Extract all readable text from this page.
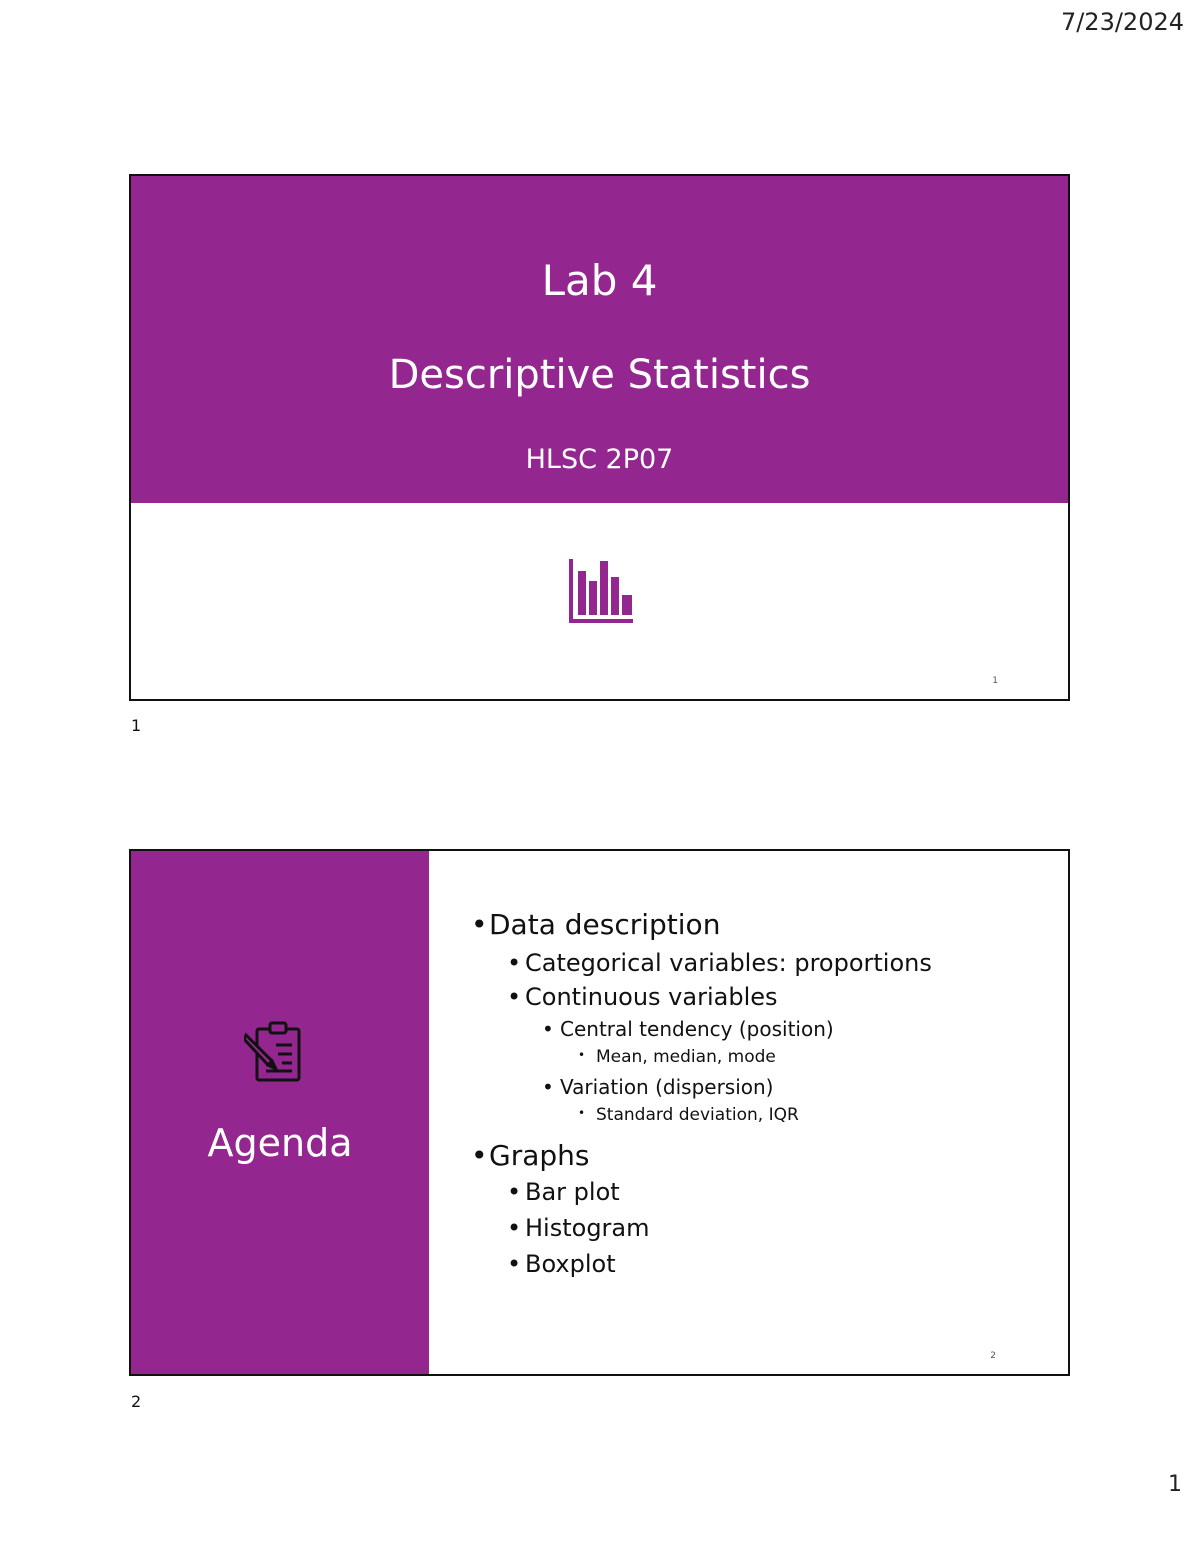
7/23/2024
Lab 4
Descriptive Statistics
HLSC 2P07
1
1
Agenda
• Data description
• Categorical variables: proportions
• Continuous variables
• Central tendency (position)
• Mean, median, mode
• Variation (dispersion)
• Standard deviation, IQR
• Graphs
• Bar plot
• Histogram
• Boxplot
2
2
1
